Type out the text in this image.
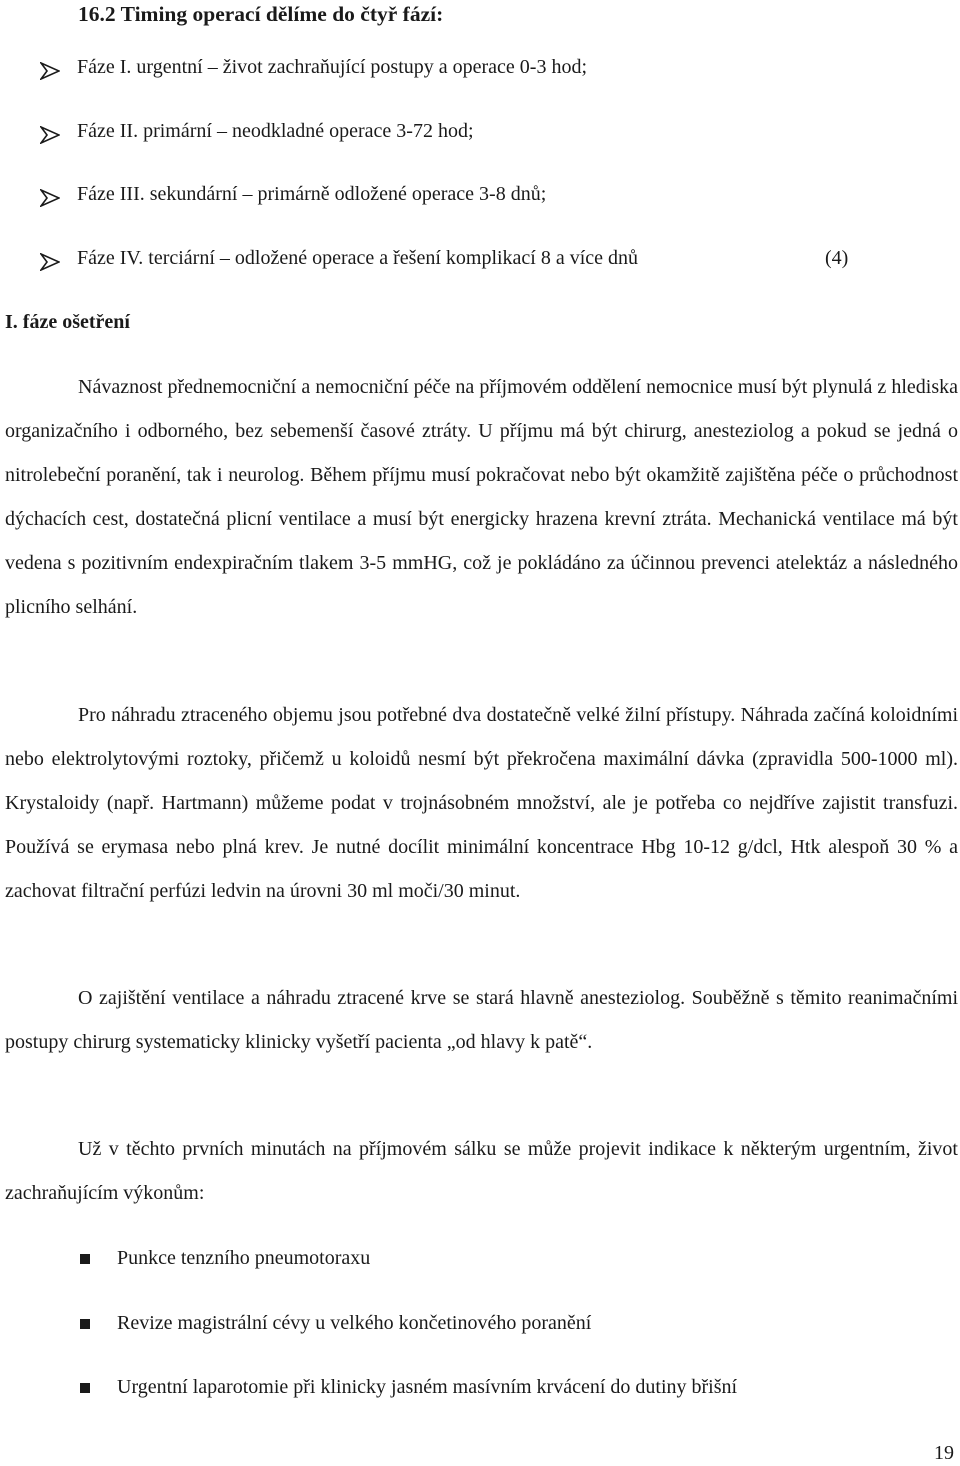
16.2 Timing operací dělíme do čtyř fází:
Fáze I. urgentní – život zachraňující postupy a operace 0-3 hod;
Fáze II. primární – neodkladné operace 3-72 hod;
Fáze III. sekundární – primárně odložené operace 3-8 dnů;
Fáze IV. terciární – odložené operace a řešení komplikací 8 a více dnů	(4)
I. fáze ošetření

Návaznost přednemocniční a nemocniční péče na příjmovém oddělení nemocnice musí být plynulá z hlediska organizačního i odborného, bez sebemenší časové ztráty. U příjmu má být chirurg, anesteziolog a pokud se jedná o nitrolebeční poranění, tak i neurolog. Během příjmu musí pokračovat nebo být okamžitě zajištěna péče o průchodnost dýchacích cest, dostatečná plicní ventilace a musí být energicky hrazena krevní ztráta. Mechanická ventilace má být vedena s pozitivním endexpiračním tlakem 3-5 mmHG, což je pokládáno za účinnou prevenci atelektáz a následného plicního selhání.

Pro náhradu ztraceného objemu jsou potřebné dva dostatečně velké žilní přístupy. Náhrada začíná koloidními nebo elektrolytovými roztoky, přičemž u koloidů nesmí být překročena maximální dávka (zpravidla 500-1000 ml). Krystaloidy (např. Hartmann) můžeme podat v trojnásobném množství, ale je potřeba co nejdříve zajistit transfuzi. Používá se erymasa nebo plná krev. Je nutné docílit minimální koncentrace Hbg 10-12 g/dcl, Htk alespoň 30 % a zachovat filtrační perfúzi ledvin na úrovni 30 ml moči/30 minut.

O zajištění ventilace a náhradu ztracené krve se stará hlavně anesteziolog. Souběžně s těmito reanimačními postupy chirurg systematicky klinicky vyšetří pacienta „od hlavy k patě“.

Už v těchto prvních minutách na příjmovém sálku se může projevit indikace k některým urgentním, život zachraňujícím výkonům:

Punkce tenzního pneumotoraxu
Revize magistrální cévy u velkého končetinového poranění
Urgentní laparotomie při klinicky jasném masívním krvácení do dutiny břišní
19
